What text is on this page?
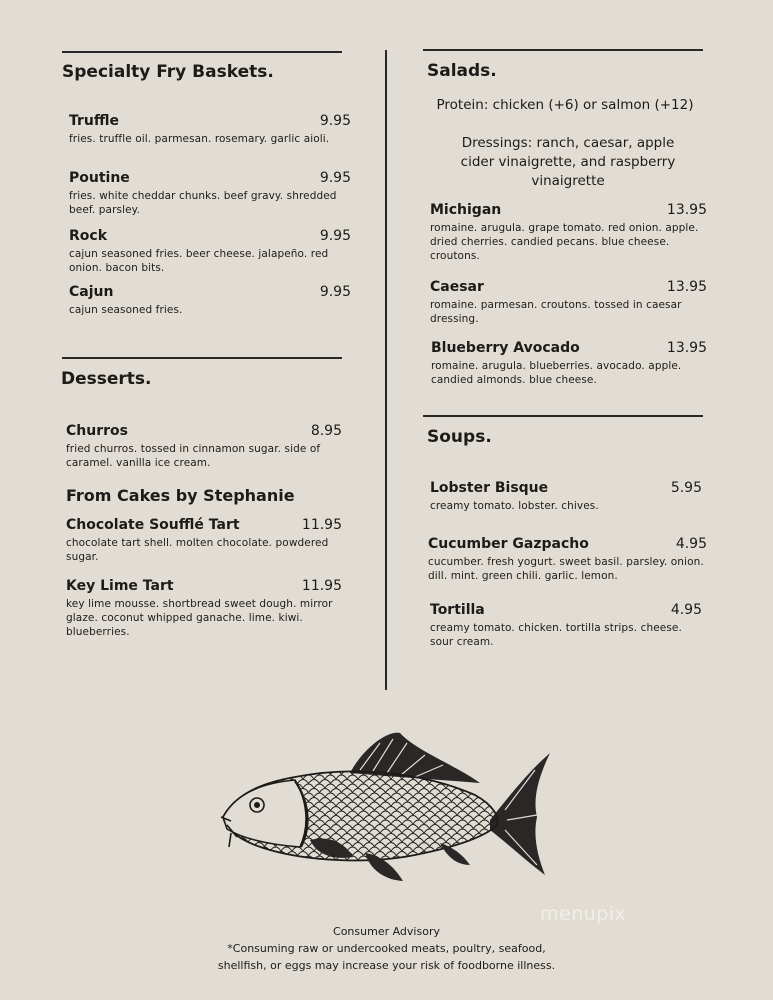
Specialty Fry Baskets.
Truffle	9.95
fries. truffle oil. parmesan. rosemary. garlic aioli.
Poutine	9.95
fries. white cheddar chunks. beef gravy. shredded beef. parsley.
Rock	9.95
cajun seasoned fries. beer cheese. jalapeño. red onion. bacon bits.
Cajun	9.95
cajun seasoned fries.
Desserts.
Churros	8.95
fried churros. tossed in cinnamon sugar. side of caramel. vanilla ice cream.
From Cakes by Stephanie
Chocolate Soufflé Tart	11.95
chocolate tart shell. molten chocolate. powdered sugar.
Key Lime Tart	11.95
key lime mousse. shortbread sweet dough. mirror glaze. coconut whipped ganache. lime. kiwi. blueberries.
Salads.
Protein: chicken (+6) or salmon (+12)
Dressings: ranch, caesar, apple cider vinaigrette, and raspberry vinaigrette
Michigan	13.95
romaine. arugula. grape tomato. red onion. apple. dried cherries. candied pecans. blue cheese. croutons.
Caesar	13.95
romaine. parmesan. croutons. tossed in caesar dressing.
Blueberry Avocado	13.95
romaine. arugula. blueberries. avocado. apple. candied almonds. blue cheese.
Soups.
Lobster Bisque	5.95
creamy tomato. lobster. chives.
Cucumber Gazpacho	4.95
cucumber. fresh yogurt. sweet basil. parsley. onion. dill. mint. green chili. garlic. lemon.
Tortilla	4.95
creamy tomato. chicken. tortilla strips. cheese. sour cream.
menupix
Consumer Advisory
*Consuming raw or undercooked meats, poultry, seafood,
shellfish, or eggs may increase your risk of foodborne illness.
